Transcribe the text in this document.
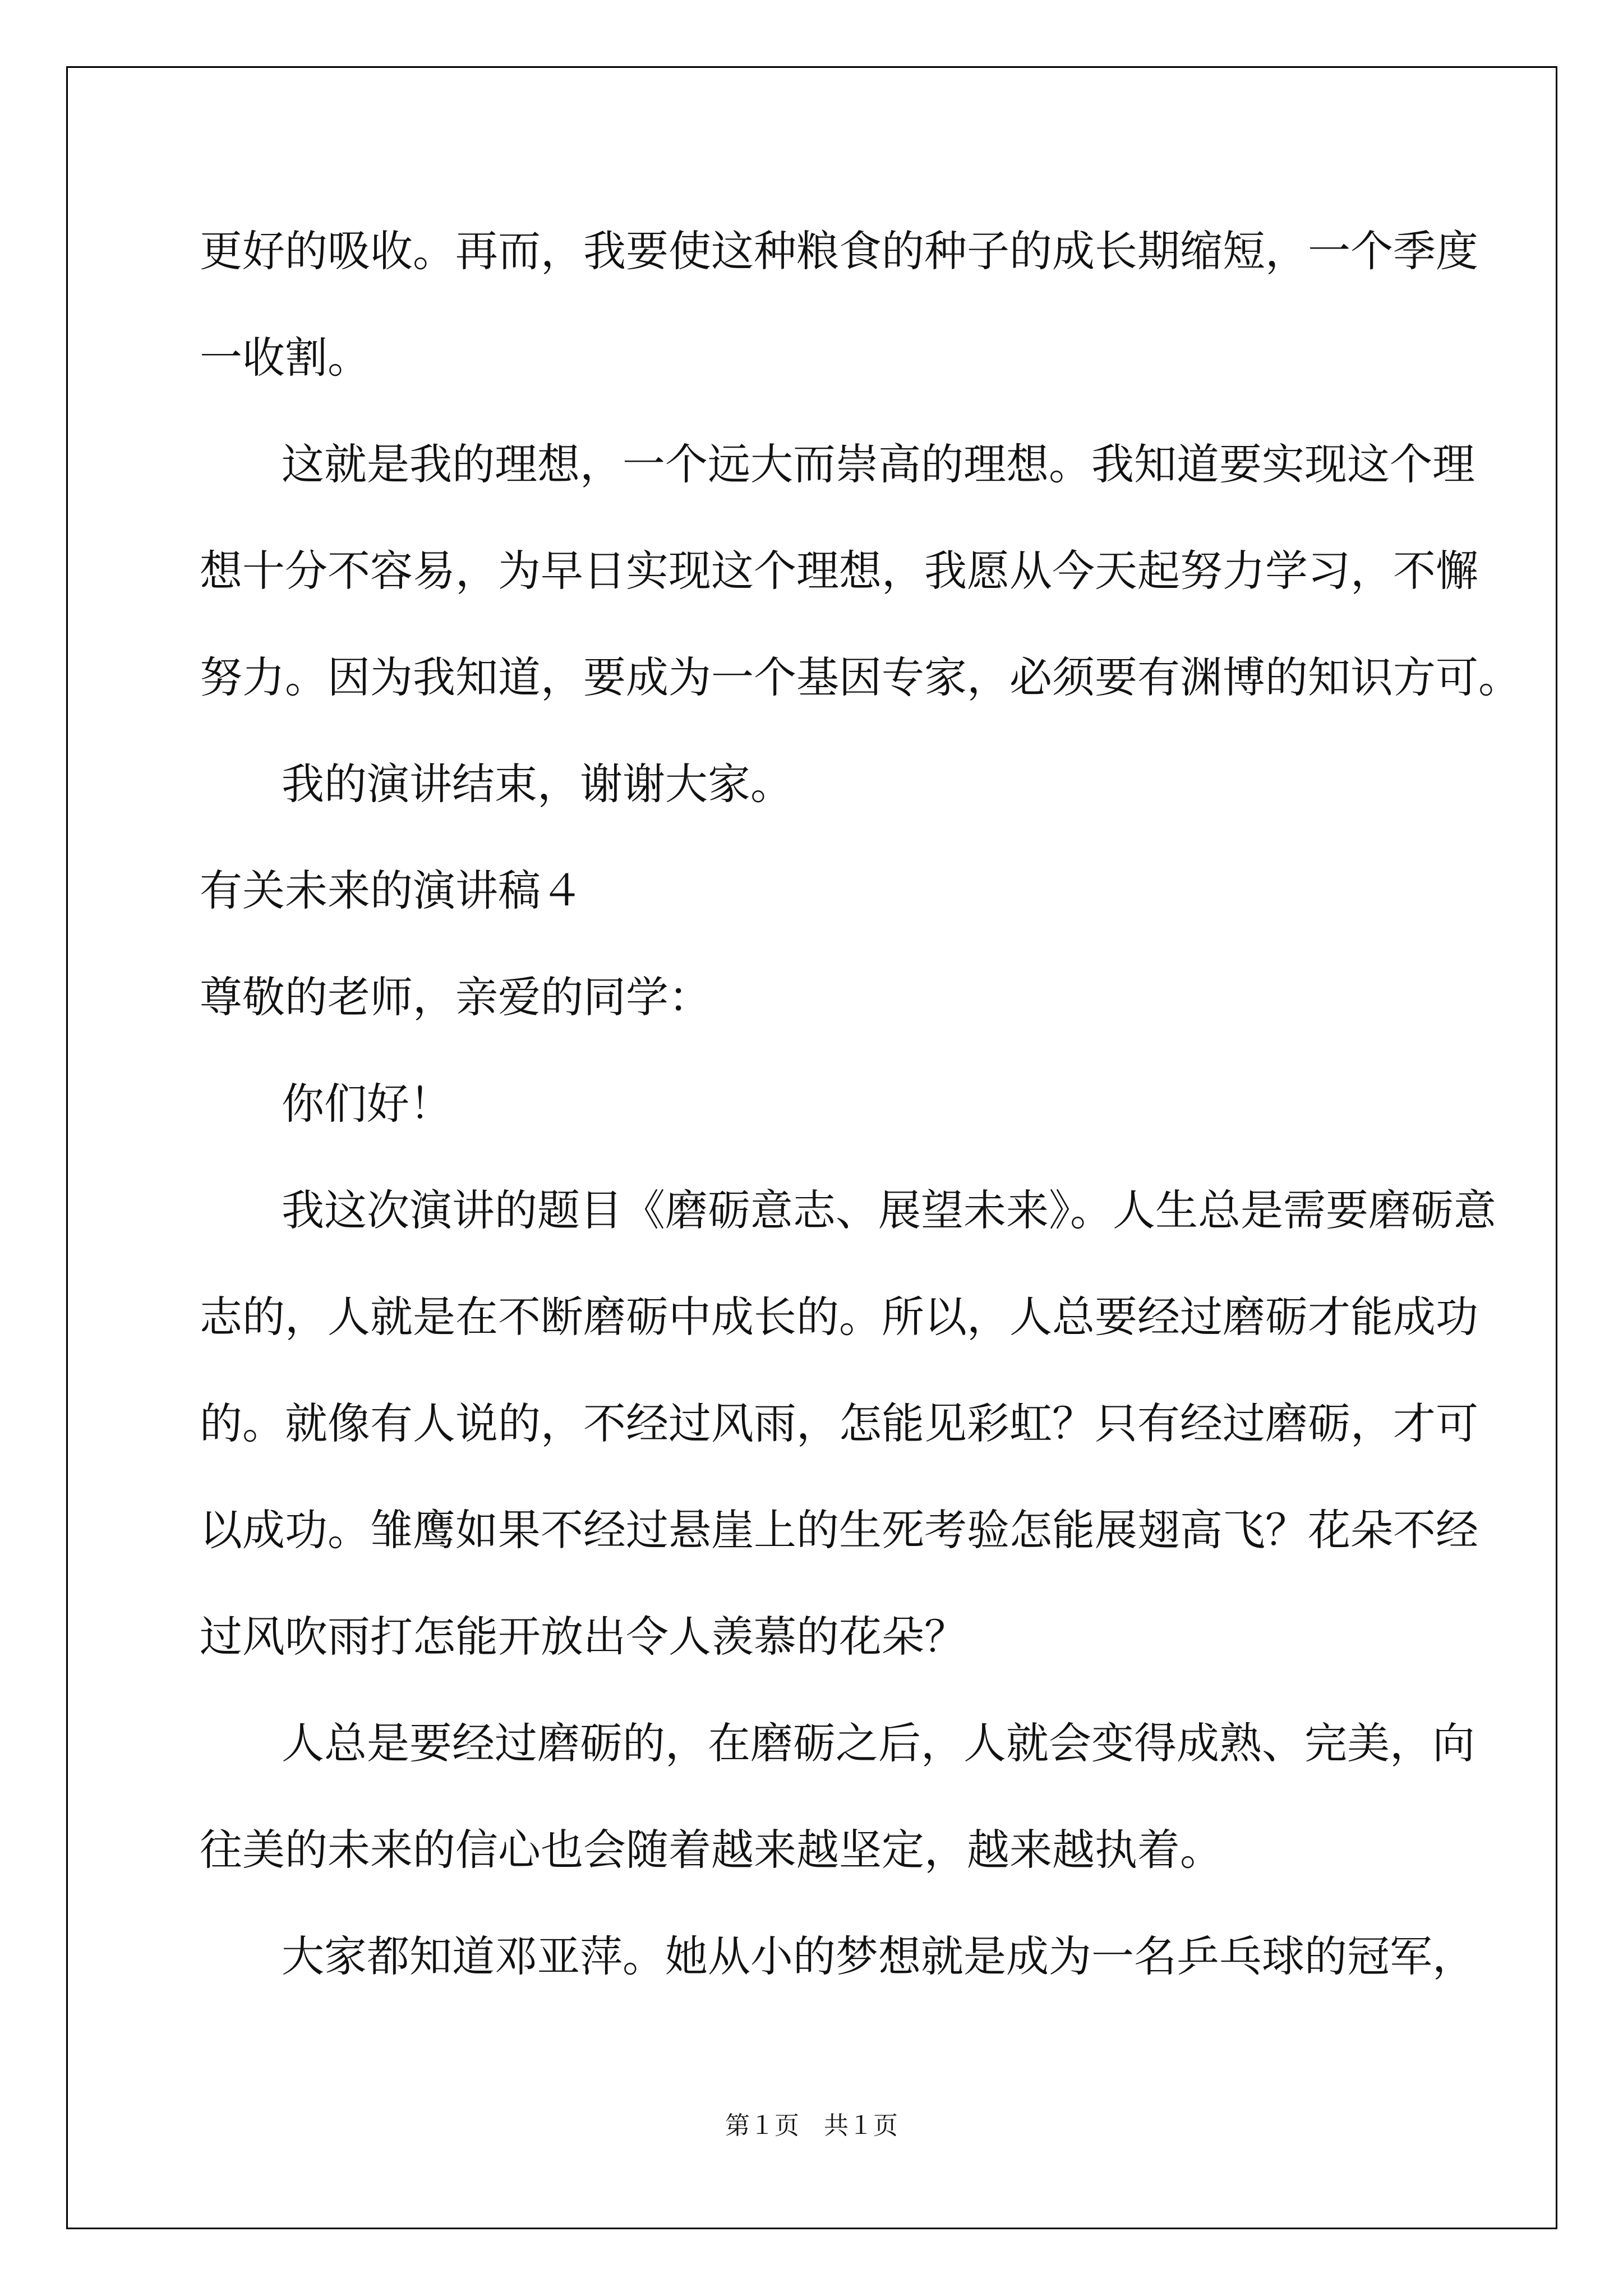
更好的吸收。再而，我要使这种粮食的种子的成长期缩短，一个季度

一收割。

这就是我的理想，一个远大而崇高的理想。我知道要实现这个理

想十分不容易，为早日实现这个理想，我愿从今天起努力学习，不懈

努力。因为我知道，要成为一个基因专家，必须要有渊博的知识方可。

我的演讲结束，谢谢大家。

有关未来的演讲稿４

尊敬的老师，亲爱的同学：

你们好！

我这次演讲的题目《磨砺意志、展望未来》。人生总是需要磨砺意

志的，人就是在不断磨砺中成长的。所以，人总要经过磨砺才能成功

的。就像有人说的，不经过风雨，怎能见彩虹？只有经过磨砺，才可

以成功。雏鹰如果不经过悬崖上的生死考验怎能展翅高飞？花朵不经

过风吹雨打怎能开放出令人羡慕的花朵？

人总是要经过磨砺的，在磨砺之后，人就会变得成熟、完美，向

往美的未来的信心也会随着越来越坚定，越来越执着。

大家都知道邓亚萍。她从小的梦想就是成为一名乒乓球的冠军，

第１页　共１页
